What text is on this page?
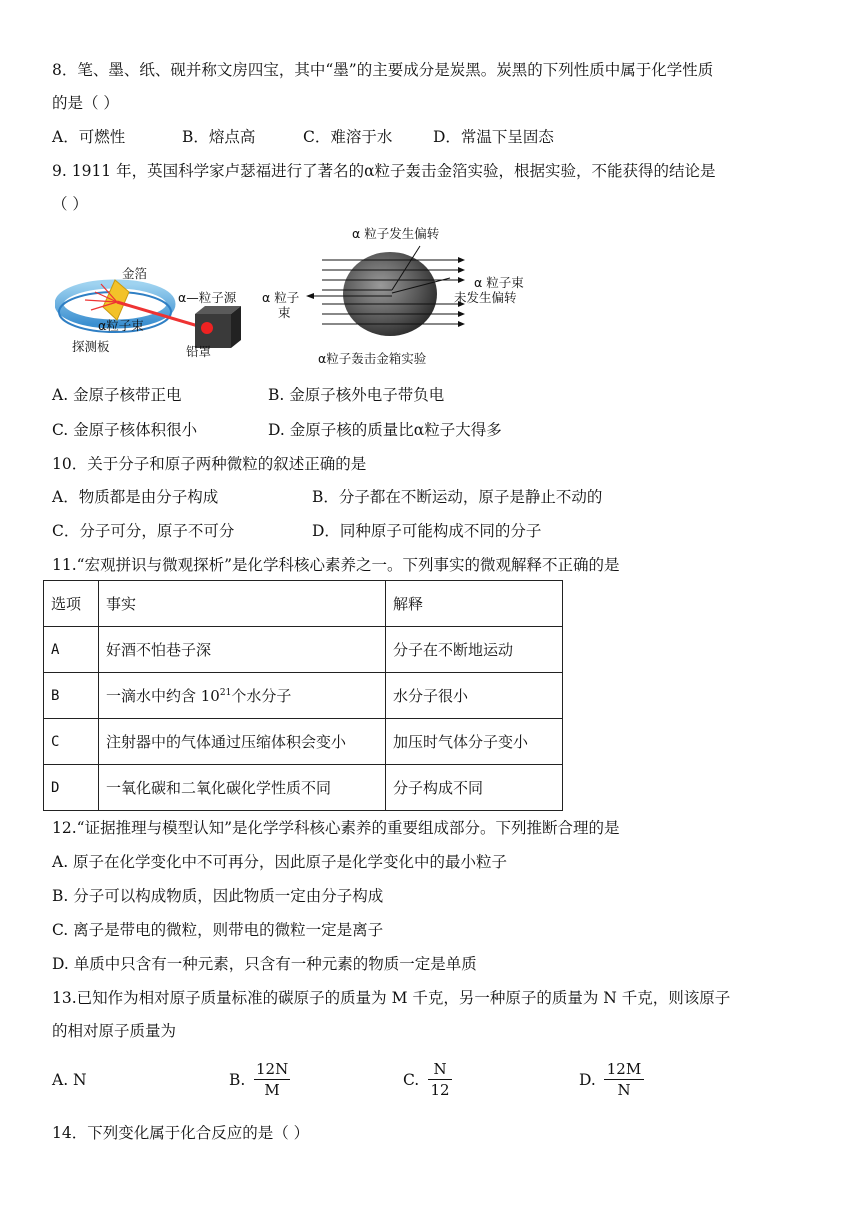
8．笔、墨、纸、砚并称文房四宝，其中“墨”的主要成分是炭黑。炭黑的下列性质中属于化学性质
的是（ ）
A．可燃性	B．熔点高	C．难溶于水	D．常温下呈固态
9. 1911 年，英国科学家卢瑟福进行了著名的α粒子轰击金箔实验，根据实验，不能获得的结论是
（ ）
金箔
α—粒子源
α粒子束
探测板	铅罩
α 粒子发生偏转
α 粒子
束
α 粒子束
未发生偏转
α粒子轰击金箱实验
A. 金原子核带正电	B. 金原子核外电子带负电
C. 金原子核体积很小	D. 金原子核的质量比α粒子大得多
10．关于分子和原子两种微粒的叙述正确的是
A．物质都是由分子构成	B．分子都在不断运动，原子是静止不动的
C．分子可分，原子不可分	D．同种原子可能构成不同的分子
11.“宏观拼识与微观探析”是化学科核心素养之一。下列事实的微观解释不正确的是
选项	事实	解释
A	好酒不怕巷子深	分子在不断地运动
B	一滴水中约含 $10^{21}$个水分子	水分子很小
C	注射器中的气体通过压缩体积会变小	加压时气体分子变小
D	一氧化碳和二氧化碳化学性质不同	分子构成不同
12.“证据推理与模型认知”是化学学科核心素养的重要组成部分。下列推断合理的是
A. 原子在化学变化中不可再分，因此原子是化学变化中的最小粒子
B. 分子可以构成物质，因此物质一定由分子构成
C. 离子是带电的微粒，则带电的微粒一定是离子
D. 单质中只含有一种元素，只含有一种元素的物质一定是单质
13.已知作为相对原子质量标准的碳原子的质量为 M 千克，另一种原子的质量为 N 千克，则该原子
的相对原子质量为
A. N	B.
12N
M
C.
N
12
D.
12M
N
14．下列变化属于化合反应的是（ ）
